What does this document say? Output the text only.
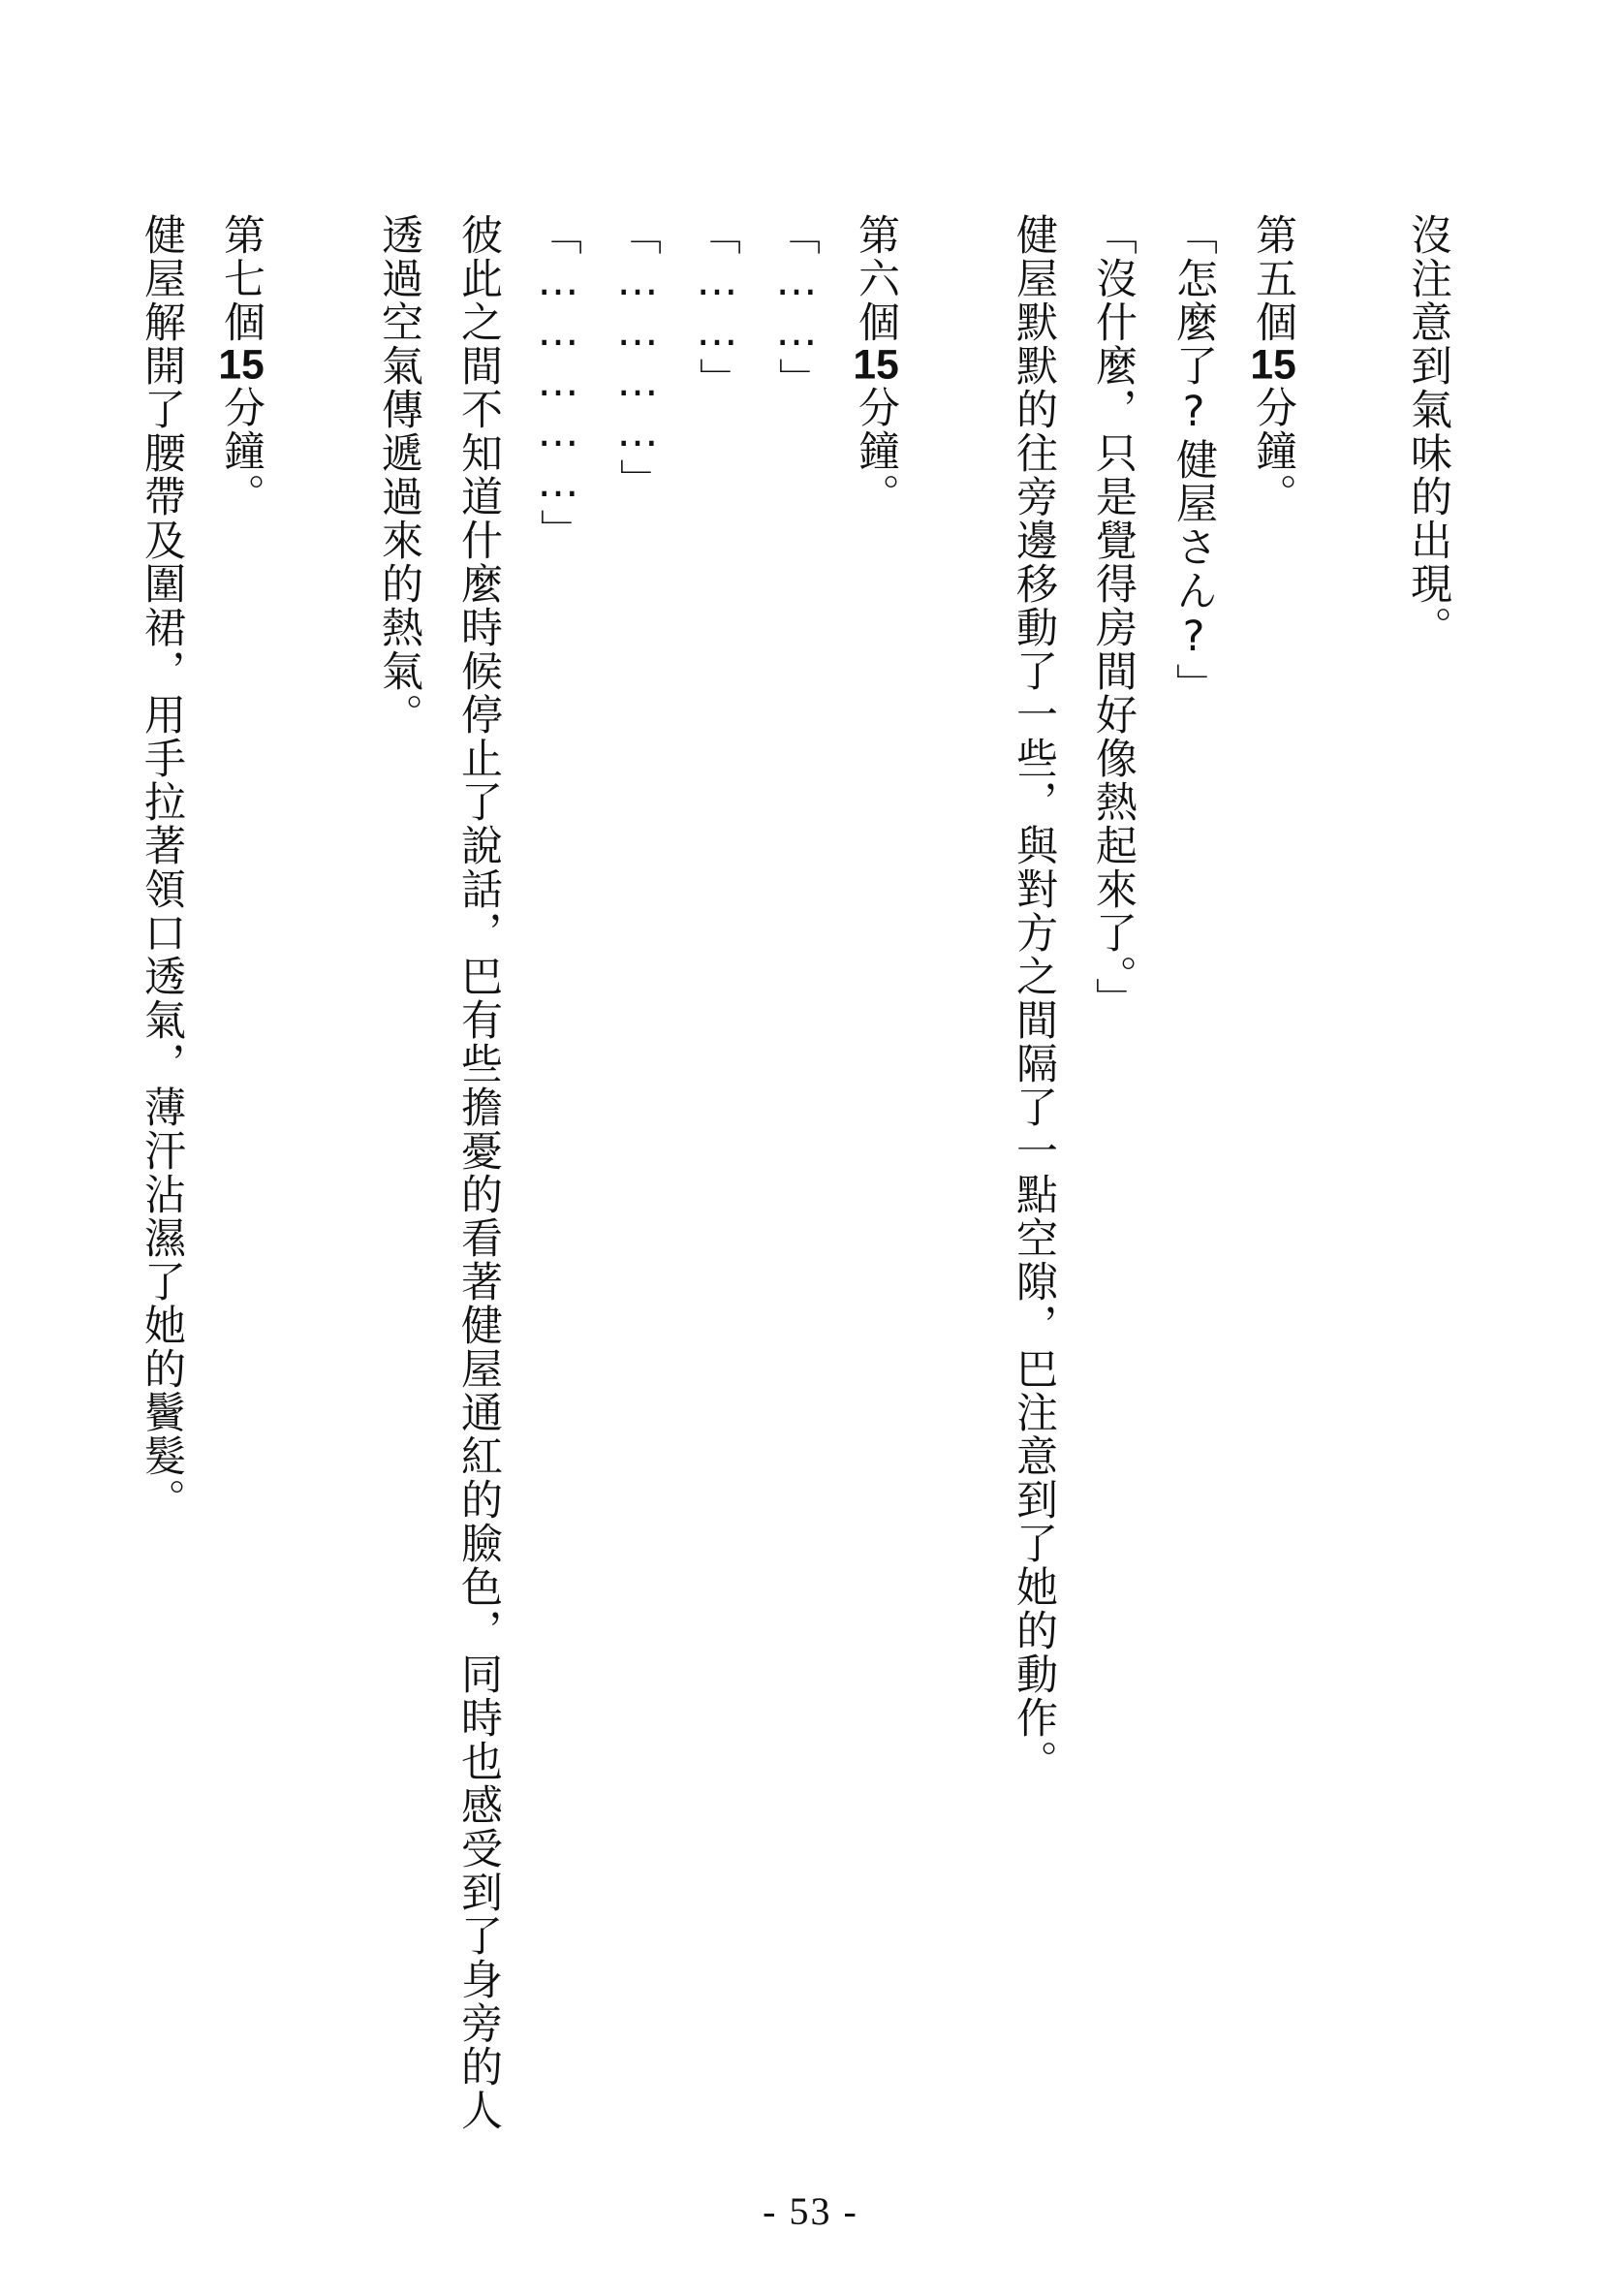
沒注意到氣味的出現。
第五個15分鐘。
「怎麼了?健屋さん?」
「沒什麼，只是覺得房間好像熱起來了。」
健屋默默的往旁邊移動了一些，與對方之間隔了一點空隙，巴注意到了她的動作。
第六個15分鐘。
「……」
「……」
「…………」
「……………」
彼此之間不知道什麼時候停止了說話，巴有些擔憂的看著健屋通紅的臉色，同時也感受到了身旁的人
透過空氣傳遞過來的熱氣。
第七個15分鐘。
健屋解開了腰帶及圍裙，用手拉著領口透氣，薄汗沾濕了她的鬢髮。
- 53 -
